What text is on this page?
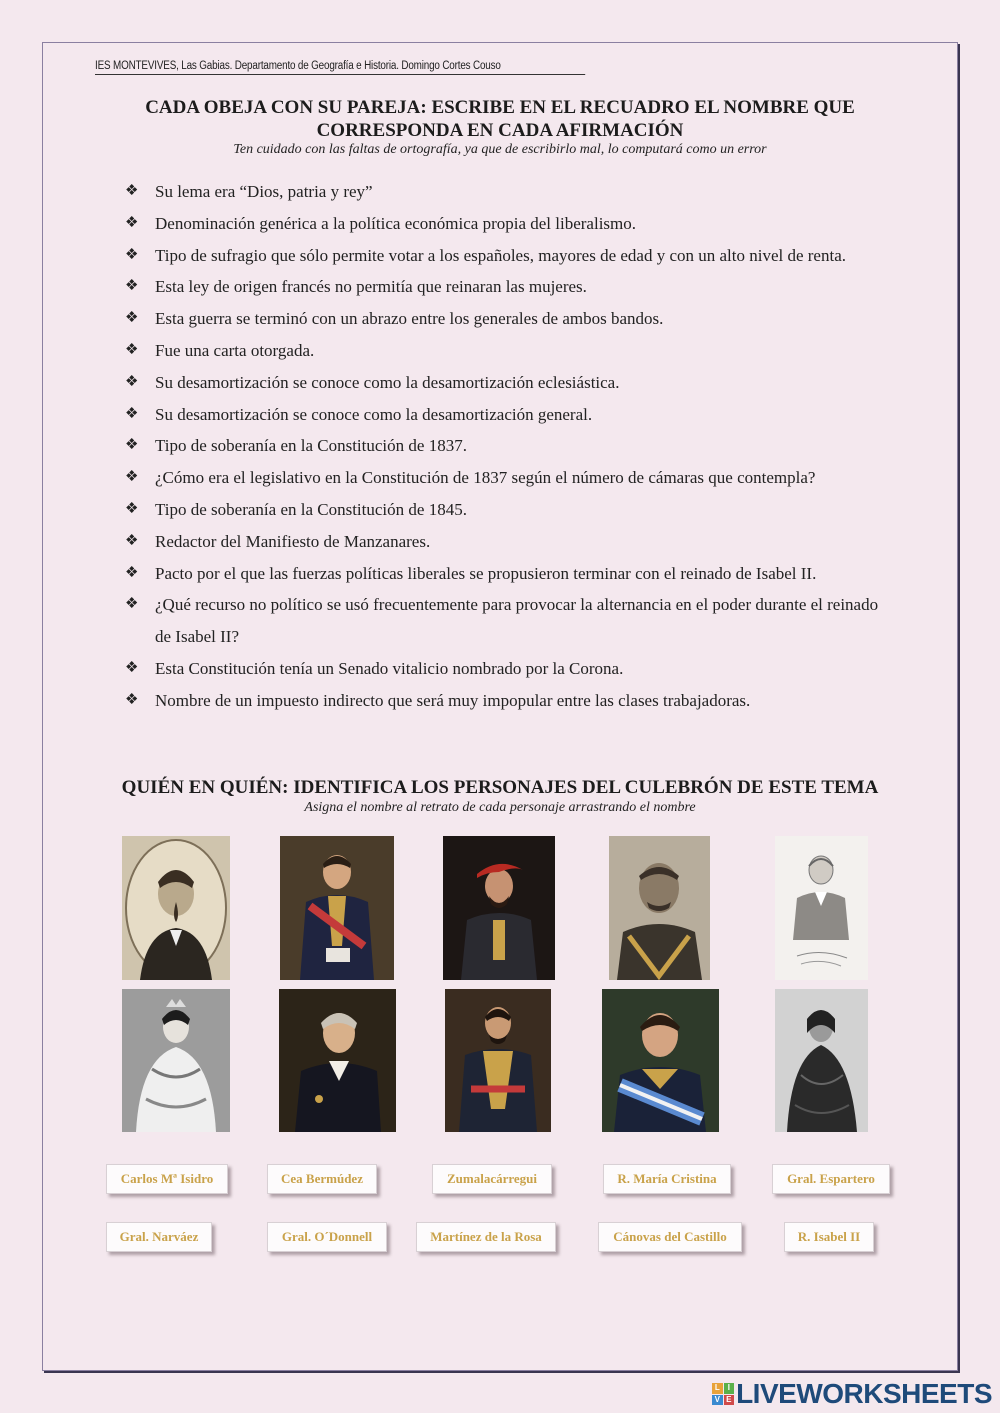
IES MONTEVIVES, Las Gabias. Departamento de Geografía e Historia. Domingo Cortes Couso
CADA OBEJA CON SU PAREJA: ESCRIBE EN EL RECUADRO EL NOMBRE QUE
CORRESPONDA EN CADA AFIRMACIÓN
Ten cuidado con las faltas de ortografía, ya que de escribirlo mal, lo computará como un error
❖ Su lema era “Dios, patria y rey”
❖ Denominación genérica a la política económica propia del liberalismo.
❖ Tipo de sufragio que sólo permite votar a los españoles, mayores de edad y con un alto nivel de renta.
❖ Esta ley de origen francés no permitía que reinaran las mujeres.
❖ Esta guerra se terminó con un abrazo entre los generales de ambos bandos.
❖ Fue una carta otorgada.
❖ Su desamortización se conoce como la desamortización eclesiástica.
❖ Su desamortización se conoce como la desamortización general.
❖ Tipo de soberanía en la Constitución de 1837.
❖ ¿Cómo era el legislativo en la Constitución de 1837 según el número de cámaras que contempla?
❖ Tipo de soberanía en la Constitución de 1845.
❖ Redactor del Manifiesto de Manzanares.
❖ Pacto por el que las fuerzas políticas liberales se propusieron terminar con el reinado de Isabel II.
❖ ¿Qué recurso no político se usó frecuentemente para provocar la alternancia en el poder durante el reinado de Isabel II?
❖ Esta Constitución tenía un Senado vitalicio nombrado por la Corona.
❖ Nombre de un impuesto indirecto que será muy impopular entre las clases trabajadoras.
QUIÉN EN QUIÉN: IDENTIFICA LOS PERSONAJES DEL CULEBRÓN DE ESTE TEMA
Asigna el nombre al retrato de cada personaje arrastrando el nombre
Carlos Mª Isidro	Cea Bermúdez	Zumalacárregui	R. María Cristina	Gral. Espartero
Gral. Narváez	Gral. O´Donnell	Martínez de la Rosa	Cánovas del Castillo	R. Isabel II
L I
V E LIVEWORKSHEETS
